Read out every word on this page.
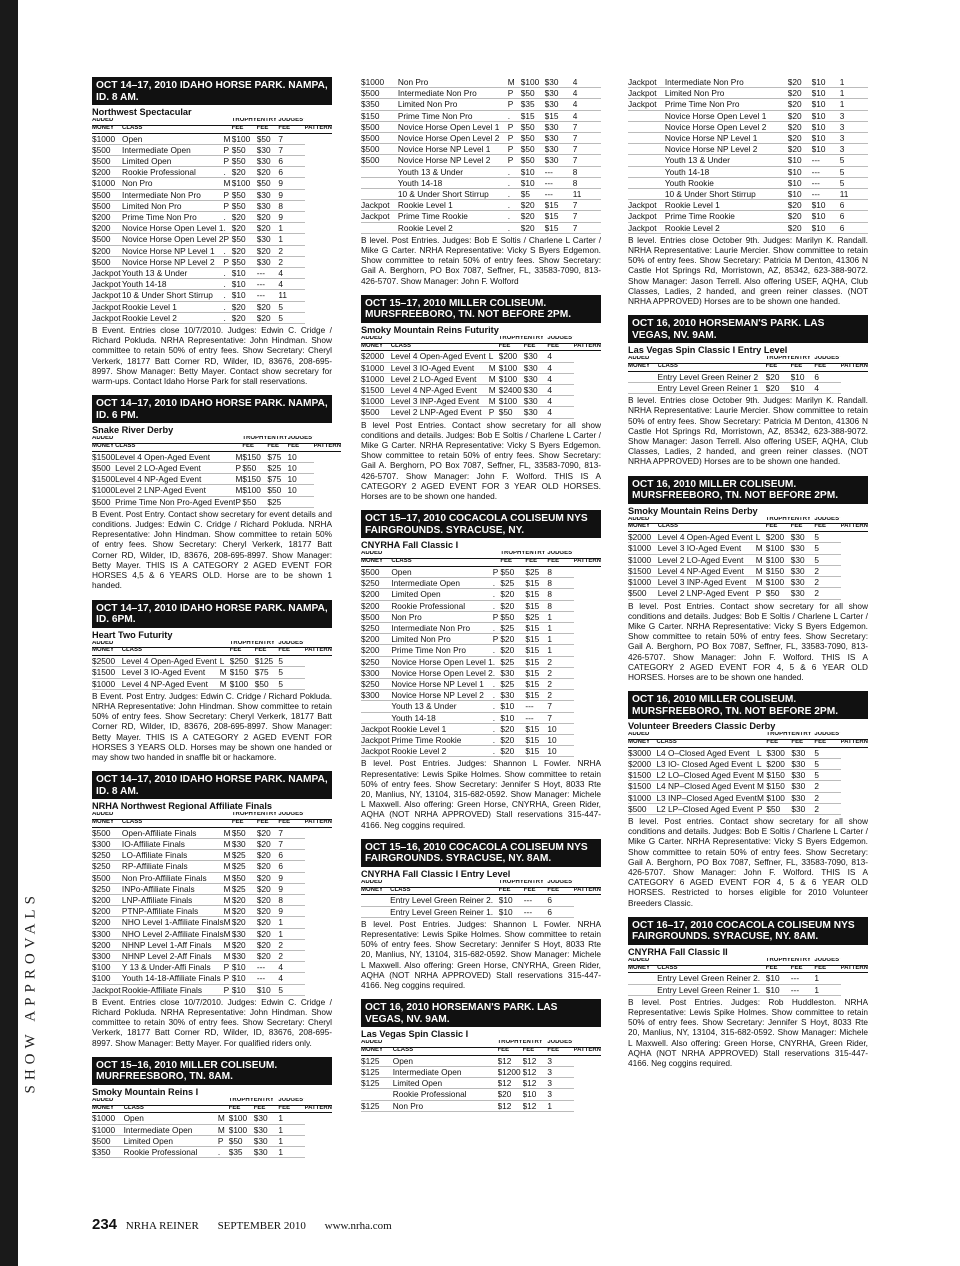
SHOW APPROVALS
OCT 14–17, 2010 IDAHO HORSE PARK. NAMPA, ID. 8 AM.
Northwest Spectacular
ADDED			TROPHY	ENTRY	JUDGES'	
MONEY	CLASS		FEE	FEE	FEE	PATTERN
$1000	Open	M	$100	$50	7	
$500	Intermediate Open	P	$50	$30	7	
$500	Limited Open	P	$50	$30	6	
$200	Rookie Professional	.	$20	$20	6	
$1000	Non Pro	M	$100	$50	9	
$500	Intermediate Non Pro	P	$50	$30	9	
$500	Limited Non Pro	P	$50	$30	8	
$200	Prime Time Non Pro	.	$20	$20	9	
$200	Novice Horse Open Level 1	.	$20	$20	1	
$500	Novice Horse Open Level 2	P	$50	$30	1	
$200	Novice Horse NP Level 1	.	$20	$20	2	
$500	Novice Horse NP Level 2	P	$50	$30	2	
Jackpot	Youth 13 & Under	.	$10	---	4	
Jackpot	Youth 14-18	.	$10	---	4	
Jackpot	10 & Under Short Stirrup	.	$10	---	11	
Jackpot	Rookie Level 1	.	$20	$20	5	
Jackpot	Rookie Level 2	.	$20	$20	5	
B Event. Entries close 10/7/2010. Judges: Edwin C. Cridge / Richard Pokluda. NRHA Representative: John Hindman. Show committee to retain 50% of entry fees. Show Secretary: Cheryl Verkerk, 18177 Batt Corner RD, Wilder, ID, 83676, 208-695-8997. Show Manager: Betty Mayer. Contact show secretary for warm-ups. Contact Idaho Horse Park for stall reservations.
OCT 14–17, 2010 IDAHO HORSE PARK. NAMPA, ID. 6 PM.
Snake River Derby
ADDED			TROPHY	ENTRY	JUDGES'	
MONEY	CLASS		FEE	FEE	FEE	PATTERN
$1500	Level 4 Open-Aged Event	M	$150	$75	10	
$500	Level 2 LO-Aged Event	P	$50	$25	10	
$1500	Level 4 NP-Aged Event	M	$150	$75	10	
$1000	Level 2 LNP-Aged Event	M	$100	$50	10	
$500	Prime Time Non Pro-Aged Event	P	$50	$25		
B Event. Post Entry. Contact show secretary for event details and conditions. Judges: Edwin C. Cridge / Richard Pokluda. NRHA Representative: John Hindman. Show committee to retain 50% of entry fees. Show Secretary: Cheryl Verkerk, 18177 Batt Corner RD, Wilder, ID, 83676, 208-695-8997. Show Manager: Betty Mayer. THIS IS A CATEGORY 2 AGED EVENT FOR HORSES 4,5 & 6 YEARS OLD. Horse are to be shown 1 handed.
OCT 14–17, 2010 IDAHO HORSE PARK. NAMPA, ID. 6PM.
Heart Two Futurity
ADDED			TROPHY	ENTRY	JUDGES'	
MONEY	CLASS		FEE	FEE	FEE	PATTERN
$2500	Level 4 Open-Aged Event	L	$250	$125	5	
$1500	Level 3 IO-Aged Event	M	$150	$75	5	
$1000	Level 4 NP-Aged Event	M	$100	$50	5	
B Event. Post Entry. Judges: Edwin C. Cridge / Richard Pokluda. NRHA Representative: John Hindman. Show committee to retain 50% of entry fees. Show Secretary: Cheryl Verkerk, 18177 Batt Corner RD, Wilder, ID, 83676, 208-695-8997. Show Manager: Betty Mayer. THIS IS A CATEGORY 2 AGED EVENT FOR HORSES 3 YEARS OLD. Horses may be shown one handed or may show two handed in snaffle bit or hackamore.
OCT 14–17, 2010 IDAHO HORSE PARK. NAMPA, ID. 8 AM.
NRHA Northwest Regional Affiliate Finals
ADDED			TROPHY	ENTRY	JUDGES'	
MONEY	CLASS		FEE	FEE	FEE	PATTERN
$500	Open-Affiliate Finals	M	$50	$20	7	
$300	IO-Affiliate Finals	M	$30	$20	7	
$250	LO-Affiliate Finals	M	$25	$20	6	
$250	RP-Affiliate Finals	M	$25	$20	6	
$500	Non Pro-Affiliate Finals	M	$50	$20	9	
$250	INPo-Affiliate Finals	M	$25	$20	9	
$200	LNP-Affiliate Finals	M	$20	$20	8	
$200	PTNP-Affiliate Finals	M	$20	$20	9	
$200	NHO Level 1-Affiliate Finals	M	$20	$20	1	
$300	NHO Level 2-Affiliate Finals	M	$30	$20	1	
$200	NHNP Level 1-Aff Finals	M	$20	$20	2	
$300	NHNP Level 2-Aff Finals	M	$30	$20	2	
$100	Y 13 & Under-Affi Finals	P	$10	---	4	
$100	Youth 14-18-Affiliate Finals	P	$10	---	4	
Jackpot	Rookie-Affiliate Finals	P	$10	$10	5	
B Event. Entries close 10/7/2010. Judges: Edwin C. Cridge / Richard Pokluda. NRHA Representative: John Hindman. Show committee to retain 30% of entry fees. Show Secretary: Cheryl Verkerk, 18177 Batt Corner RD, Wilder, ID, 83676, 208-695-8997. Show Manager: Betty Mayer. For qualified riders only.
OCT 15–16, 2010 MILLER COLISEUM. MURFREESBORO, TN. 8AM.
Smoky Mountain Reins I
ADDED			TROPHY	ENTRY	JUDGES'	
MONEY	CLASS		FEE	FEE	FEE	PATTERN
$1000	Open	M	$100	$30	1	
$1000	Intermediate Open	M	$100	$30	1	
$500	Limited Open	P	$50	$30	1	
$350	Rookie Professional	.	$35	$30	1	
$1000	Non Pro	M	$100	$30	4
$500	Intermediate Non Pro	P	$50	$30	4
$350	Limited Non Pro	P	$35	$30	4
$150	Prime Time Non Pro	.	$15	$15	4
$500	Novice Horse Open Level 1	P	$50	$30	7
$500	Novice Horse Open Level 2	P	$50	$30	7
$500	Novice Horse NP Level 1	P	$50	$30	7
$500	Novice Horse NP Level 2	P	$50	$30	7
	Youth 13 & Under	.	$10	---	8
	Youth 14-18	.	$10	---	8
	10 & Under Short Stirrup	.	$5	---	11
Jackpot	Rookie Level 1	.	$20	$15	7
Jackpot	Prime Time Rookie	.	$20	$15	7
	Rookie Level 2	.	$20	$15	7
B level. Post Entries. Judges: Bob E Soltis / Charlene L Carter / Mike G Carter. NRHA Representative: Vicky S Byers Edgemon. Show committee to retain 50% of entry fees. Show Secretary: Gail A. Berghorn, PO Box 7087, Seffner, FL, 33583-7090, 813-426-5707. Show Manager: John F. Wolford
OCT 15–17, 2010 MILLER COLISEUM. MURSFREEBORO, TN. NOT BEFORE 2PM.
Smoky Mountain Reins Futurity
ADDED			TROPHY	ENTRY	JUDGES'	
MONEY	CLASS		FEE	FEE	FEE	PATTERN
$2000	Level 4 Open-Aged Event	L	$200	$30	4	
$1000	Level 3 IO-Aged Event	M	$100	$30	4	
$1000	Level 2 LO-Aged Event	M	$100	$30	4	
$1500	Level 4 NP-Aged Event	M	$2400	$30	4	
$1000	Level 3 INP-Aged Event	M	$100	$30	4	
$500	Level 2 LNP-Aged Event	P	$50	$30	4	
B level Post Entries. Contact show secretary for all show conditions and details. Judges: Bob E Soltis / Charlene L Carter / Mike G Carter. NRHA Representative: Vicky S Byers Edgemon. Show committee to retain 50% of entry fees. Show Secretary: Gail A. Berghorn, PO Box 7087, Seffner, FL, 33583-7090, 813-426-5707. Show Manager: John F. Wolford. THIS IS A CATEGORY 2 AGED EVENT FOR 3 YEAR OLD HORSES. Horses are to be shown one handed.
OCT 15–17, 2010 COCACOLA COLISEUM NYS FAIRGROUNDS. SYRACUSE, NY.
CNYRHA Fall Classic I
ADDED			TROPHY	ENTRY	JUDGES'	
MONEY	CLASS		FEE	FEE	FEE	PATTERN
$500	Open	P	$50	$25	8	
$250	Intermediate Open	.	$25	$15	8	
$200	Limited Open	.	$20	$15	8	
$200	Rookie Professional	.	$20	$15	8	
$500	Non Pro	P	$50	$25	1	
$250	Intermediate Non Pro	.	$25	$15	1	
$200	Limited Non Pro	P	$20	$15	1	
$200	Prime Time Non Pro	.	$20	$15	1	
$250	Novice Horse Open Level 1	.	$25	$15	2	
$300	Novice Horse Open Level 2	.	$30	$15	2	
$250	Novice Horse NP Level 1	.	$25	$15	2	
$300	Novice Horse NP Level 2	.	$30	$15	2	
	Youth 13 & Under	.	$10	---	7	
	Youth 14-18	.	$10	---	7	
Jackpot	Rookie Level 1	.	$20	$15	10	
Jackpot	Prime Time Rookie	.	$20	$15	10	
Jackpot	Rookie Level 2	.	$20	$15	10	
B level. Post Entries. Judges: Shannon L Fowler. NRHA Representative: Lewis Spike Holmes. Show committee to retain 50% of entry fees. Show Secretary: Jennifer S Hoyt, 8033 Rte 20, Manlius, NY, 13104, 315-682-0592. Show Manager: Michele L Maxwell. Also offering: Green Horse, CNYRHA, Green Rider, AQHA (NOT NRHA APPROVED) Stall reservations 315-447-4166. Neg coggins required.
OCT 15–16, 2010 COCACOLA COLISEUM NYS FAIRGROUNDS. SYRACUSE, NY. 8AM.
CNYRHA Fall Classic I Entry Level
ADDED			TROPHY	ENTRY	JUDGES'	
MONEY	CLASS		FEE	FEE	FEE	PATTERN
	Entry Level Green Reiner 2	.	$10	---	6	
	Entry Level Green Reiner 1	.	$10	---	6	
B level. Post Entries. Judges: Shannon L Fowler. NRHA Representative: Lewis Spike Holmes. Show committee to retain 50% of entry fees. Show Secretary: Jennifer S Hoyt, 8033 Rte 20, Manlius, NY, 13104, 315-682-0592. Show Manager: Michele L Maxwell. Also offering: Green Horse, CNYRHA, Green Rider, AQHA (NOT NRHA APPROVED) Stall reservations 315-447-4166. Neg coggins required.
OCT 16, 2010 HORSEMAN'S PARK. LAS VEGAS, NV. 9AM.
Las Vegas Spin Classic I
ADDED			TROPHY	ENTRY	JUDGES'	
MONEY	CLASS		FEE	FEE	FEE	PATTERN
$125	Open		$12	$12	3	
$125	Intermediate Open		$1200	$12	3	
$125	Limited Open		$12	$12	3	
	Rookie Professional		$20	$10	3	
$125	Non Pro		$12	$12	1	
Jackpot	Intermediate Non Pro		$20	$10	1
Jackpot	Limited Non Pro		$20	$10	1
Jackpot	Prime Time Non Pro		$20	$10	1
	Novice Horse Open Level 1		$20	$10	3
	Novice Horse Open Level 2		$20	$10	3
	Novice Horse NP Level 1		$20	$10	3
	Novice Horse NP Level 2		$20	$10	3
	Youth 13 & Under		$10	---	5
	Youth 14-18		$10	---	5
	Youth Rookie		$10	---	5
	10 & Under Short Stirrup		$10	---	11
Jackpot	Rookie Level 1		$20	$10	6
Jackpot	Prime Time Rookie		$20	$10	6
Jackpot	Rookie Level 2		$20	$10	6
B level. Entries close October 9th. Judges: Marilyn K. Randall. NRHA Representative: Laurie Mercier. Show committee to retain 50% of entry fees. Show Secretary: Patricia M Denton, 41306 N Castle Hot Springs Rd, Morristown, AZ, 85342, 623-388-9072. Show Manager: Jason Terrell. Also offering USEF, AQHA, Club Classes, Ladies, 2 handed, and green reiner classes. (NOT NRHA APPROVED) Horses are to be shown one handed.
OCT 16, 2010 HORSEMAN'S PARK. LAS VEGAS, NV. 9AM.
Las Vegas Spin Classic I Entry Level
ADDED			TROPHY	ENTRY	JUDGES'	
MONEY	CLASS		FEE	FEE	FEE	PATTERN
	Entry Level Green Reiner 2		$20	$10	6	
	Entry Level Green Reiner 1		$20	$10	4	
B level. Entries close October 9th. Judges: Marilyn K. Randall. NRHA Representative: Laurie Mercier. Show committee to retain 50% of entry fees. Show Secretary: Patricia M Denton, 41306 N Castle Hot Springs Rd, Morristown, AZ, 85342, 623-388-9072. Show Manager: Jason Terrell. Also offering USEF, AQHA, Club Classes, Ladies, 2 handed, and green reiner classes. (NOT NRHA APPROVED) Horses are to be shown one handed.
OCT 16, 2010 MILLER COLISEUM. MURSFREEBORO, TN. NOT BEFORE 2PM.
Smoky Mountain Reins Derby
ADDED			TROPHY	ENTRY	JUDGES'	
MONEY	CLASS		FEE	FEE	FEE	PATTERN
$2000	Level 4 Open-Aged Event	L	$200	$30	5	
$1000	Level 3 IO-Aged Event	M	$100	$30	5	
$1000	Level 2 LO-Aged Event	M	$100	$30	5	
$1500	Level 4 NP-Aged Event	M	$150	$30	2	
$1000	Level 3 INP-Aged Event	M	$100	$30	2	
$500	Level 2 LNP-Aged Event	P	$50	$30	2	
B level. Post Entries. Contact show secretary for all show conditions and details. Judges: Bob E Soltis / Charlene L Carter / Mike G Carter. NRHA Representative: Vicky S Byers Edgemon. Show committee to retain 50% of entry fees. Show Secretary: Gail A. Berghorn, PO Box 7087, Seffner, FL, 33583-7090, 813-426-5707. Show Manager: John F. Wolford. THIS IS A CATEGORY 2 AGED EVENT FOR 4, 5 & 6 YEAR OLD HORSES. Horses are to be shown one handed.
OCT 16, 2010 MILLER COLISEUM. MURSFREEBORO, TN. NOT BEFORE 2PM.
Volunteer Breeders Classic Derby
ADDED			TROPHY	ENTRY	JUDGES'	
MONEY	CLASS		FEE	FEE	FEE	PATTERN
$3000	L4 O–Closed Aged Event	L	$300	$30	5	
$2000	L3 IO- Closed Aged Event	L	$200	$30	5	
$1500	L2 LO–Closed Aged Event	M	$150	$30	5	
$1500	L4 NP–Closed Aged Event	M	$150	$30	2	
$1000	L3 INP–Closed Aged Event	M	$100	$30	2	
$500	L2 LP–Closed Aged Event	P	$50	$30	2	
B level. Post entries. Contact show secretary for all show conditions and details. Judges: Bob E Soltis / Charlene L Carter / Mike G Carter. NRHA Representative: Vicky S Byers Edgemon. Show committee to retain 50% of entry fees. Show Secretary: Gail A. Berghorn, PO Box 7087, Seffner, FL, 33583-7090, 813-426-5707. Show Manager: John F. Wolford. THIS IS A CATEGORY 6 AGED EVENT FOR 4, 5 & 6 YEAR OLD HORSES. Restricted to horses eligible for 2010 Volunteer Breeders Classic.
OCT 16–17, 2010 COCACOLA COLISEUM NYS FAIRGROUNDS. SYRACUSE, NY. 8AM.
CNYRHA Fall Classic II
ADDED			TROPHY	ENTRY	JUDGES'	
MONEY	CLASS		FEE	FEE	FEE	PATTERN
	Entry Level Green Reiner 2	.	$10	---	1	
	Entry Level Green Reiner 1	.	$10	---	1	
B level. Post Entries. Judges: Rob Huddleston. NRHA Representative: Lewis Spike Holmes. Show committee to retain 50% of entry fees. Show Secretary: Jennifer S Hoyt, 8033 Rte 20, Manlius, NY, 13104, 315-682-0592. Show Manager: Michele L Maxwell. Also offering: Green Horse, CNYRHA, Green Rider, AQHA (NOT NRHA APPROVED) Stall reservations 315-447-4166. Neg coggins required.
234 NRHA REINER SEPTEMBER 2010 www.nrha.com
